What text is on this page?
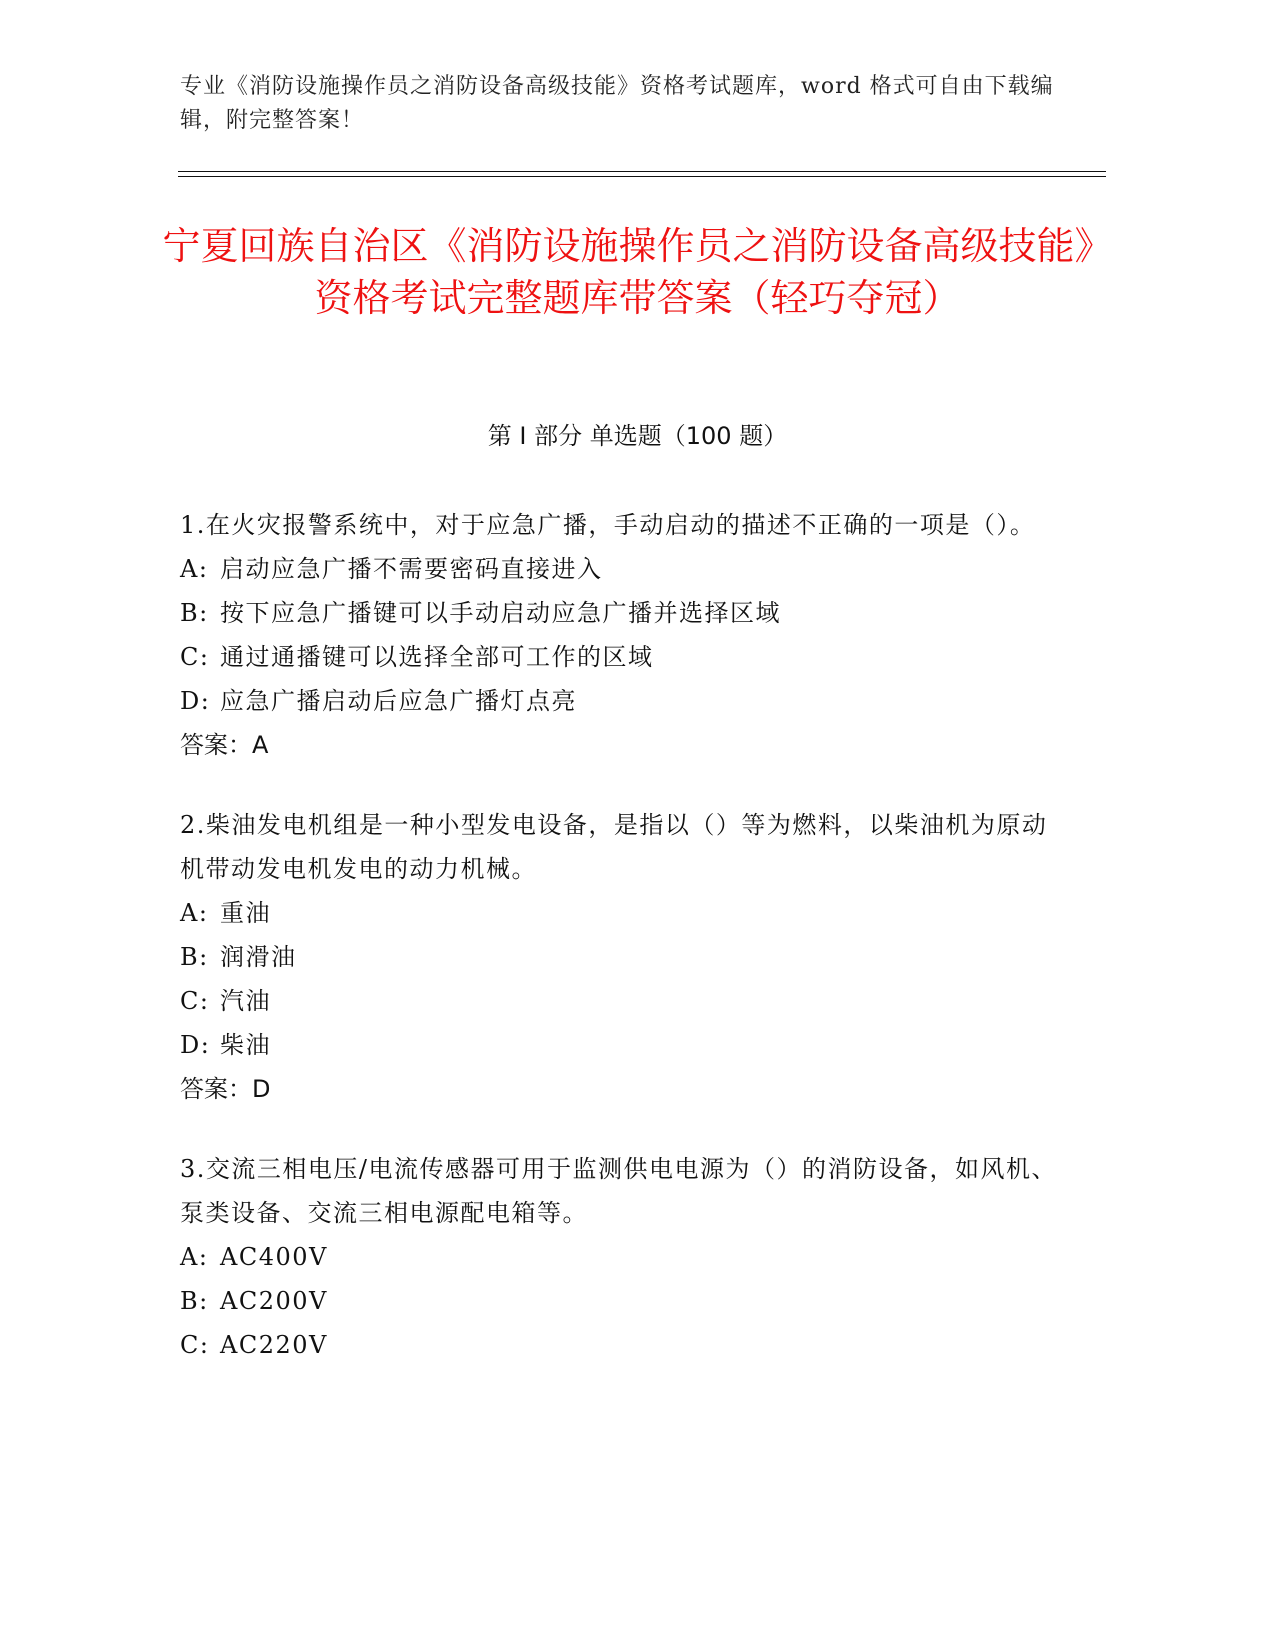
专业《消防设施操作员之消防设备高级技能》资格考试题库，word 格式可自由下载编辑，附完整答案！
宁夏回族自治区《消防设施操作员之消防设备高级技能》资格考试完整题库带答案（轻巧夺冠）
第 I 部分 单选题（100 题）

1.在火灾报警系统中，对于应急广播，手动启动的描述不正确的一项是（）。

A: 启动应急广播不需要密码直接进入

B: 按下应急广播键可以手动启动应急广播并选择区域

C: 通过通播键可以选择全部可工作的区域

D: 应急广播启动后应急广播灯点亮

答案：A

2.柴油发电机组是一种小型发电设备，是指以（）等为燃料，以柴油机为原动机带动发电机发电的动力机械。

A: 重油

B: 润滑油

C: 汽油

D: 柴油

答案：D

3.交流三相电压/电流传感器可用于监测供电电源为（）的消防设备，如风机、泵类设备、交流三相电源配电箱等。

A: AC400V

B: AC200V

C: AC220V
